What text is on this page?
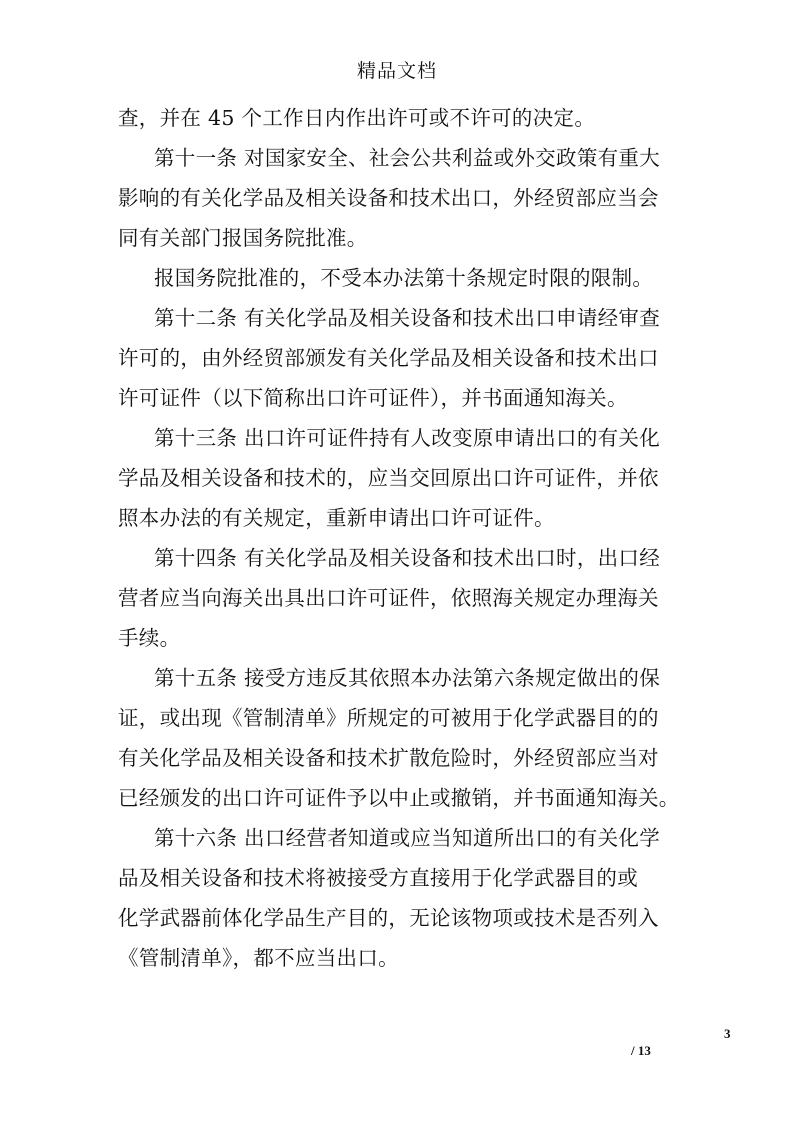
精品文档
查，并在 45 个工作日内作出许可或不许可的决定。
第十一条 对国家安全、社会公共利益或外交政策有重大
影响的有关化学品及相关设备和技术出口，外经贸部应当会
同有关部门报国务院批准。
报国务院批准的，不受本办法第十条规定时限的限制。
第十二条 有关化学品及相关设备和技术出口申请经审查
许可的，由外经贸部颁发有关化学品及相关设备和技术出口
许可证件（以下简称出口许可证件），并书面通知海关。
第十三条 出口许可证件持有人改变原申请出口的有关化
学品及相关设备和技术的，应当交回原出口许可证件，并依
照本办法的有关规定，重新申请出口许可证件。
第十四条 有关化学品及相关设备和技术出口时，出口经
营者应当向海关出具出口许可证件，依照海关规定办理海关
手续。
第十五条 接受方违反其依照本办法第六条规定做出的保
证，或出现《管制清单》所规定的可被用于化学武器目的的
有关化学品及相关设备和技术扩散危险时，外经贸部应当对
已经颁发的出口许可证件予以中止或撤销，并书面通知海关。
第十六条 出口经营者知道或应当知道所出口的有关化学
品及相关设备和技术将被接受方直接用于化学武器目的或
化学武器前体化学品生产目的，无论该物项或技术是否列入
《管制清单》，都不应当出口。
3
/ 13
